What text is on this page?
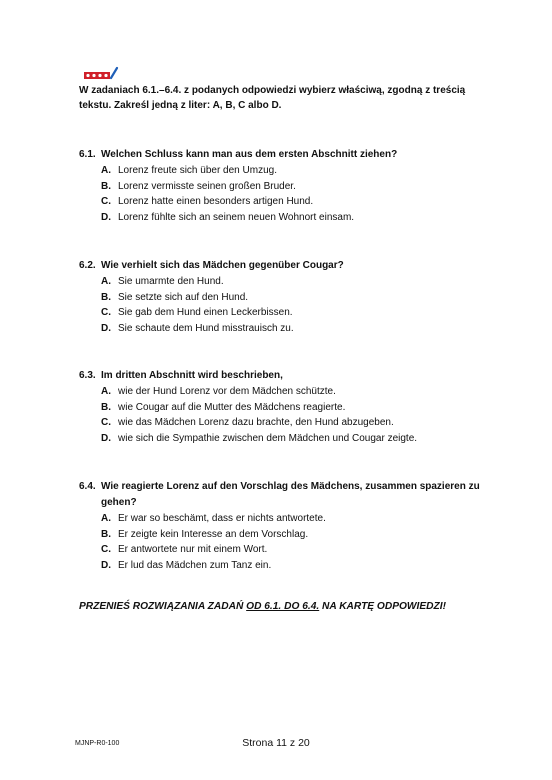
W zadaniach 6.1.–6.4. z podanych odpowiedzi wybierz właściwą, zgodną z treścią tekstu. Zakreśl jedną z liter: A, B, C albo D.
6.1. Welchen Schluss kann man aus dem ersten Abschnitt ziehen?
A. Lorenz freute sich über den Umzug.
B. Lorenz vermisste seinen großen Bruder.
C. Lorenz hatte einen besonders artigen Hund.
D. Lorenz fühlte sich an seinem neuen Wohnort einsam.
6.2. Wie verhielt sich das Mädchen gegenüber Cougar?
A. Sie umarmte den Hund.
B. Sie setzte sich auf den Hund.
C. Sie gab dem Hund einen Leckerbissen.
D. Sie schaute dem Hund misstrauisch zu.
6.3. Im dritten Abschnitt wird beschrieben,
A. wie der Hund Lorenz vor dem Mädchen schützte.
B. wie Cougar auf die Mutter des Mädchens reagierte.
C. wie das Mädchen Lorenz dazu brachte, den Hund abzugeben.
D. wie sich die Sympathie zwischen dem Mädchen und Cougar zeigte.
6.4. Wie reagierte Lorenz auf den Vorschlag des Mädchens, zusammen spazieren zu gehen?
A. Er war so beschämt, dass er nichts antwortete.
B. Er zeigte kein Interesse an dem Vorschlag.
C. Er antwortete nur mit einem Wort.
D. Er lud das Mädchen zum Tanz ein.
PRZENIEŚ ROZWIĄZANIA ZADAŃ OD 6.1. DO 6.4. NA KARTĘ ODPOWIEDZI!
MJNP-R0-100	Strona 11 z 20
